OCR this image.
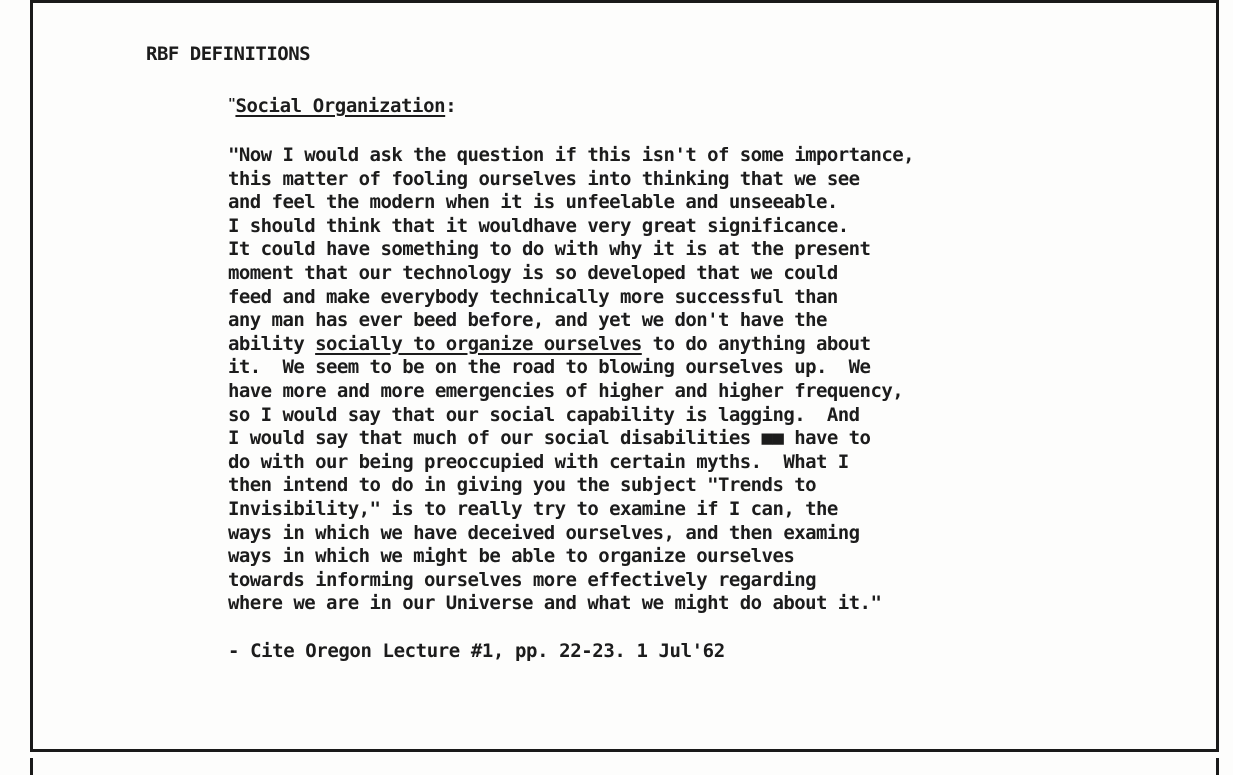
RBF DEFINITIONS
"Social Organization:
"Now I would ask the question if this isn't of some importance,
this matter of fooling ourselves into thinking that we see
and feel the modern when it is unfeelable and unseeable.
I should think that it wouldhave very great significance.
It could have something to do with why it is at the present
moment that our technology is so developed that we could
feed and make everybody technically more successful than
any man has ever beed before, and yet we don't have the
ability socially to organize ourselves to do anything about
it.  We seem to be on the road to blowing ourselves up.  We
have more and more emergencies of higher and higher frequency,
so I would say that our social capability is lagging.  And
I would say that much of our social disabilities ■■ have to
do with our being preoccupied with certain myths.  What I
then intend to do in giving you the subject "Trends to
Invisibility," is to really try to examine if I can, the
ways in which we have deceived ourselves, and then examing
ways in which we might be able to organize ourselves
towards informing ourselves more effectively regarding
where we are in our Universe and what we might do about it."
- Cite Oregon Lecture #1, pp. 22-23. 1 Jul'62
